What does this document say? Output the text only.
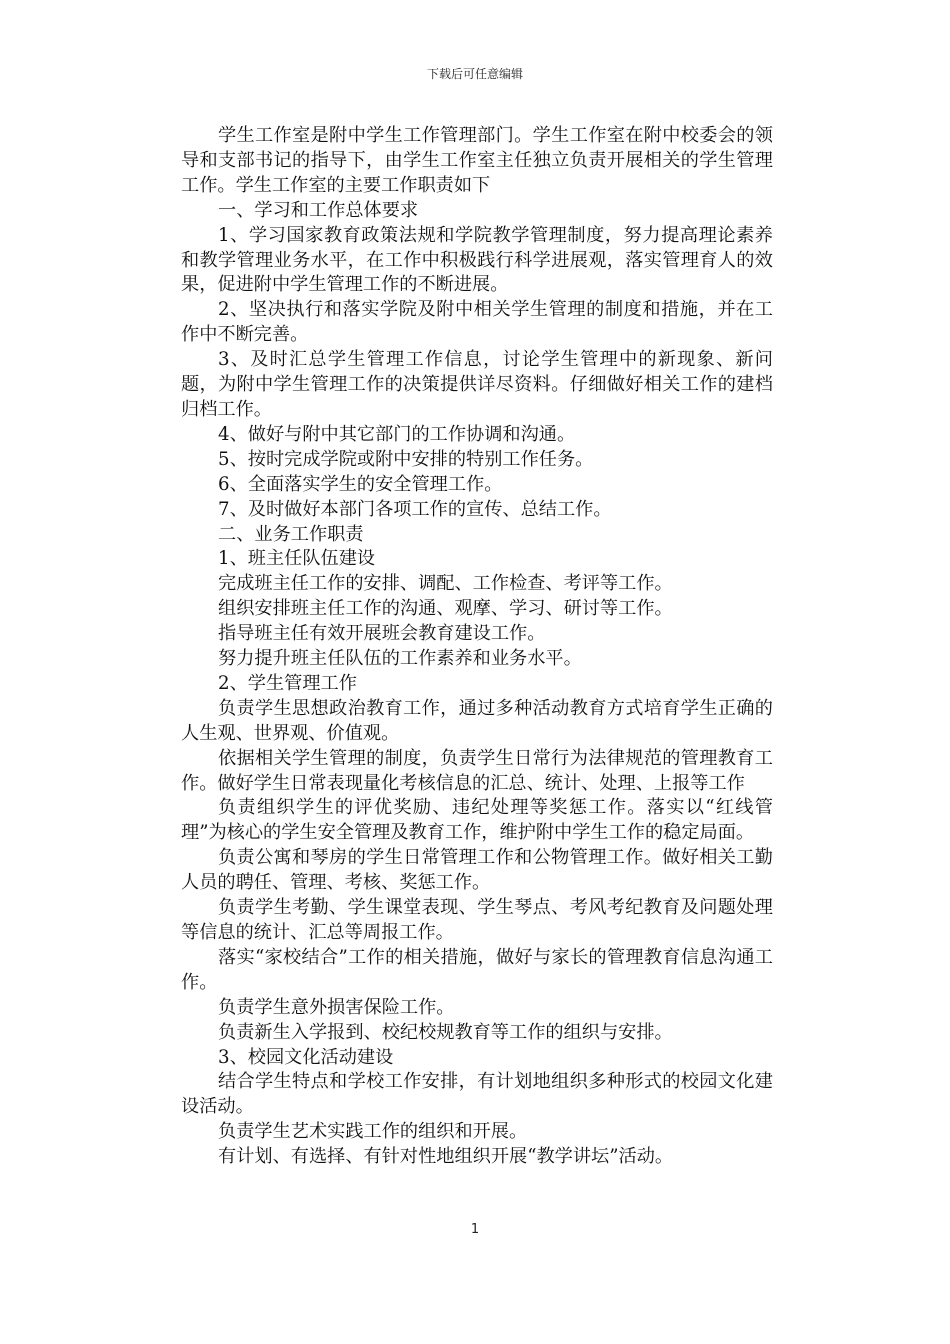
下载后可任意编辑

学生工作室是附中学生工作管理部门。学生工作室在附中校委会的领导和支部书记的指导下，由学生工作室主任独立负责开展相关的学生管理工作。学生工作室的主要工作职责如下

一、学习和工作总体要求

1、学习国家教育政策法规和学院教学管理制度，努力提高理论素养和教学管理业务水平，在工作中积极践行科学进展观，落实管理育人的效果，促进附中学生管理工作的不断进展。

2、坚决执行和落实学院及附中相关学生管理的制度和措施，并在工作中不断完善。

3、及时汇总学生管理工作信息，讨论学生管理中的新现象、新问题，为附中学生管理工作的决策提供详尽资料。仔细做好相关工作的建档归档工作。

4、做好与附中其它部门的工作协调和沟通。

5、按时完成学院或附中安排的特别工作任务。

6、全面落实学生的安全管理工作。

7、及时做好本部门各项工作的宣传、总结工作。

二、业务工作职责

1、班主任队伍建设

完成班主任工作的安排、调配、工作检查、考评等工作。

组织安排班主任工作的沟通、观摩、学习、研讨等工作。

指导班主任有效开展班会教育建设工作。

努力提升班主任队伍的工作素养和业务水平。

2、学生管理工作

负责学生思想政治教育工作，通过多种活动教育方式培育学生正确的人生观、世界观、价值观。

依据相关学生管理的制度，负责学生日常行为法律规范的管理教育工作。做好学生日常表现量化考核信息的汇总、统计、处理、上报等工作

负责组织学生的评优奖励、违纪处理等奖惩工作。落实以“红线管理”为核心的学生安全管理及教育工作，维护附中学生工作的稳定局面。

负责公寓和琴房的学生日常管理工作和公物管理工作。做好相关工勤人员的聘任、管理、考核、奖惩工作。

负责学生考勤、学生课堂表现、学生琴点、考风考纪教育及问题处理等信息的统计、汇总等周报工作。

落实“家校结合”工作的相关措施，做好与家长的管理教育信息沟通工作。

负责学生意外损害保险工作。

负责新生入学报到、校纪校规教育等工作的组织与安排。

3、校园文化活动建设

结合学生特点和学校工作安排，有计划地组织多种形式的校园文化建设活动。

负责学生艺术实践工作的组织和开展。

有计划、有选择、有针对性地组织开展“教学讲坛”活动。

1
